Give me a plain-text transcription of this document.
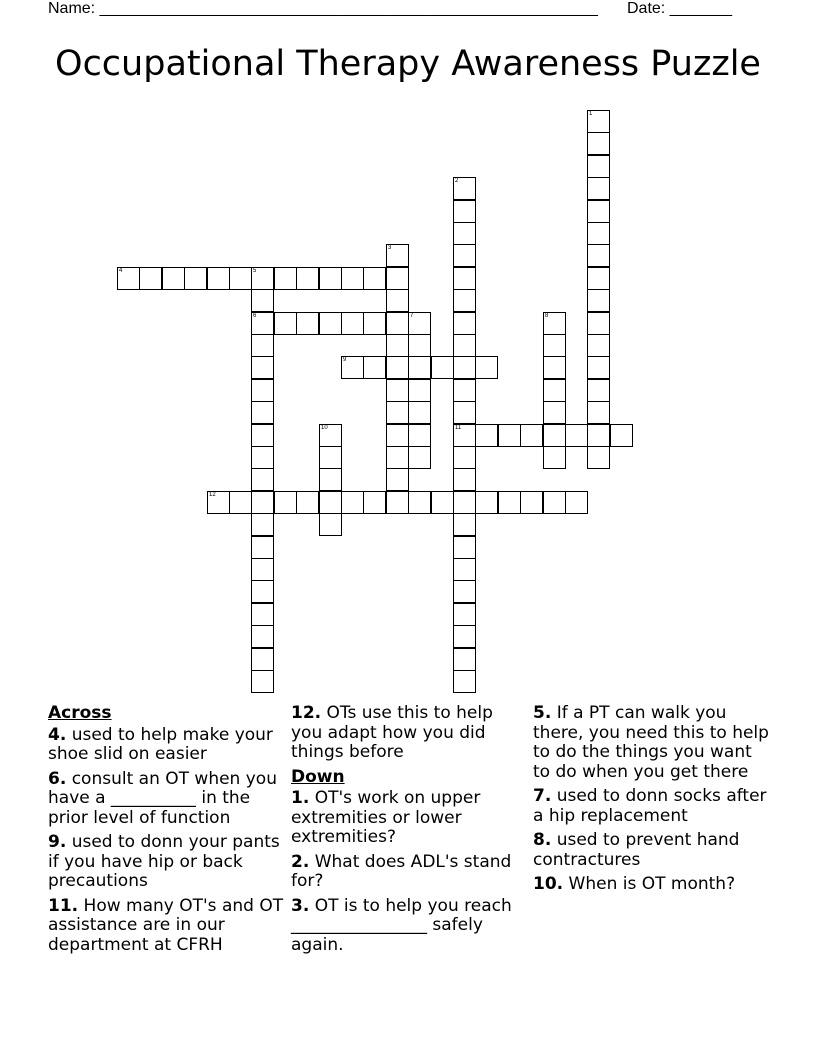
Name: ________________________________________________________ Date: _______
Occupational Therapy Awareness Puzzle
1
2
11
3
4	5
6	7	8
9
10
12
Across
4. used to help make your shoe slid on easier
6. consult an OT when you have a __________ in the prior level of function
9. used to donn your pants if you have hip or back precautions
11. How many OT's and OT assistance are in our department at CFRH
12. OTs use this to help you adapt how you did things before
Down
1. OT's work on upper extremities or lower extremities?
2. What does ADL's stand for?
3. OT is to help you reach ________________ safely again.
5. If a PT can walk you there, you need this to help to do the things you want to do when you get there
7. used to donn socks after a hip replacement
8. used to prevent hand contractures
10. When is OT month?
